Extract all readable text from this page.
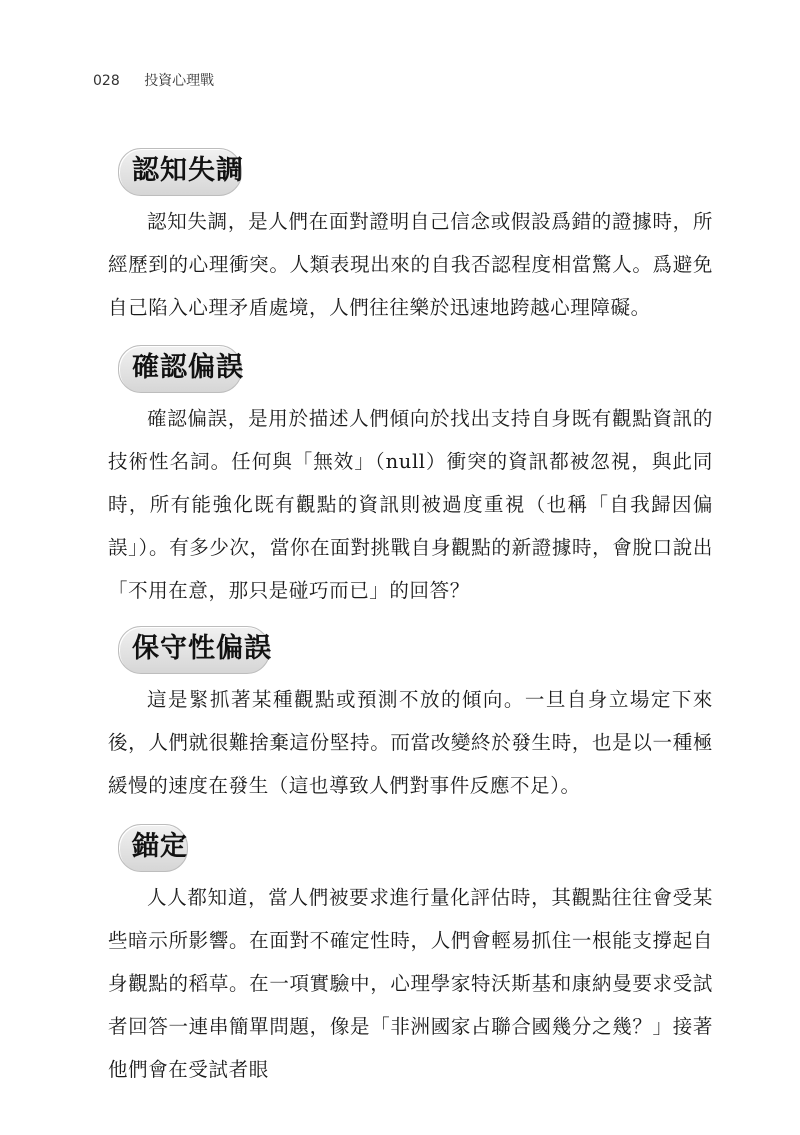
028 投資心理戰
認知失調

認知失調，是人們在面對證明自己信念或假設爲錯的證據時，所經歷到的心理衝突。人類表現出來的自我否認程度相當驚人。爲避免自己陷入心理矛盾處境，人們往往樂於迅速地跨越心理障礙。

確認偏誤

確認偏誤，是用於描述人們傾向於找出支持自身既有觀點資訊的技術性名詞。任何與「無效」（null）衝突的資訊都被忽視，與此同時，所有能強化既有觀點的資訊則被過度重視（也稱「自我歸因偏誤」）。有多少次，當你在面對挑戰自身觀點的新證據時，會脫口說出「不用在意，那只是碰巧而已」的回答？

保守性偏誤

這是緊抓著某種觀點或預測不放的傾向。一旦自身立場定下來後，人們就很難捨棄這份堅持。而當改變終於發生時，也是以一種極緩慢的速度在發生（這也導致人們對事件反應不足）。

錨定

人人都知道，當人們被要求進行量化評估時，其觀點往往會受某些暗示所影響。在面對不確定性時，人們會輕易抓住一根能支撐起自身觀點的稻草。在一項實驗中，心理學家特沃斯基和康納曼要求受試者回答一連串簡單問題，像是「非洲國家占聯合國幾分之幾？」接著他們會在受試者眼
